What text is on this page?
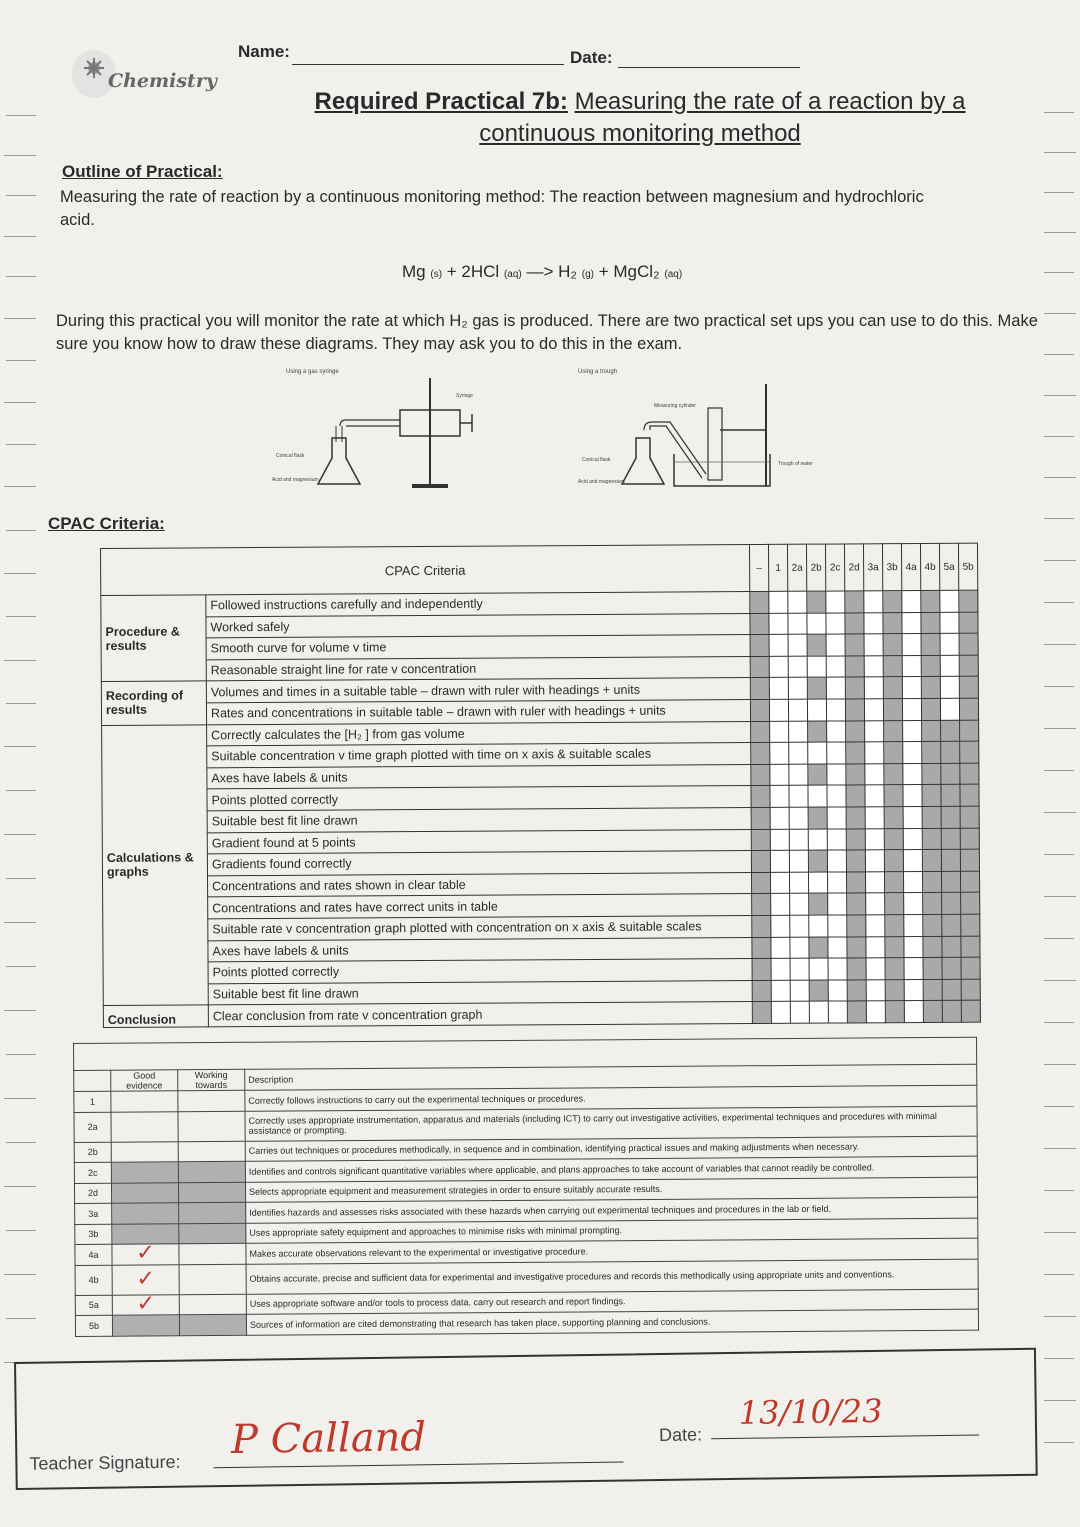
Chemistry
Name:	Date:
Required Practical 7b: Measuring the rate of a reaction by a continuous monitoring method
Outline of Practical:
Measuring the rate of reaction by a continuous monitoring method: The reaction between magnesium and hydrochloric acid.
Mg (s) + 2HCl (aq) —> H₂ (g) + MgCl₂ (aq)
During this practical you will monitor the rate at which H₂ gas is produced. There are two practical set ups you can use to do this. Make sure you know how to draw these diagrams. They may ask you to do this in the exam.
Using a gas syringe
Syringe
Conical flask
Acid and magnesium
Using a trough
Measuring cylinder
Conical flask
Acid and magnesium
Trough of water
CPAC Criteria:
CPAC Criteria		–	1	2a	2b	2c	2d	3a	3b	4a	4b	5a	5b
Procedure & results	Followed instructions carefully and independently												
	Worked safely												
	Smooth curve for volume v time												
	Reasonable straight line for rate v concentration												
Recording of results	Volumes and times in a suitable table – drawn with ruler with headings + units												
	Rates and concentrations in suitable table – drawn with ruler with headings + units												
Calculations & graphs	Correctly calculates the [H₂ ] from gas volume												
	Suitable concentration v time graph plotted with time on x axis & suitable scales												
	Axes have labels & units												
	Points plotted correctly												
	Suitable best fit line drawn												
	Gradient found at 5 points												
	Gradients found correctly												
	Concentrations and rates shown in clear table												
	Concentrations and rates have correct units in table												
	Suitable rate v concentration graph plotted with concentration on x axis & suitable scales												
	Axes have labels & units												
	Points plotted correctly												
	Suitable best fit line drawn												
Conclusion	Clear conclusion from rate v concentration graph												

	Good evidence	Working towards	Description
1			Correctly follows instructions to carry out the experimental techniques or procedures.
2a			Correctly uses appropriate instrumentation, apparatus and materials (including ICT) to carry out investigative activities, experimental techniques and procedures with minimal assistance or prompting.
2b			Carries out techniques or procedures methodically, in sequence and in combination, identifying practical issues and making adjustments when necessary.
2c			Identifies and controls significant quantitative variables where applicable, and plans approaches to take account of variables that cannot readily be controlled.
2d			Selects appropriate equipment and measurement strategies in order to ensure suitably accurate results.
3a			Identifies hazards and assesses risks associated with these hazards when carrying out experimental techniques and procedures in the lab or field.
3b			Uses appropriate safety equipment and approaches to minimise risks with minimal prompting.
4a	✓		Makes accurate observations relevant to the experimental or investigative procedure.
4b	✓		Obtains accurate, precise and sufficient data for experimental and investigative procedures and records this methodically using appropriate units and conventions.
5a	✓		Uses appropriate software and/or tools to process data, carry out research and report findings.
5b			Sources of information are cited demonstrating that research has taken place, supporting planning and conclusions.
Teacher Signature: P Calland	Date:
13/10/23
